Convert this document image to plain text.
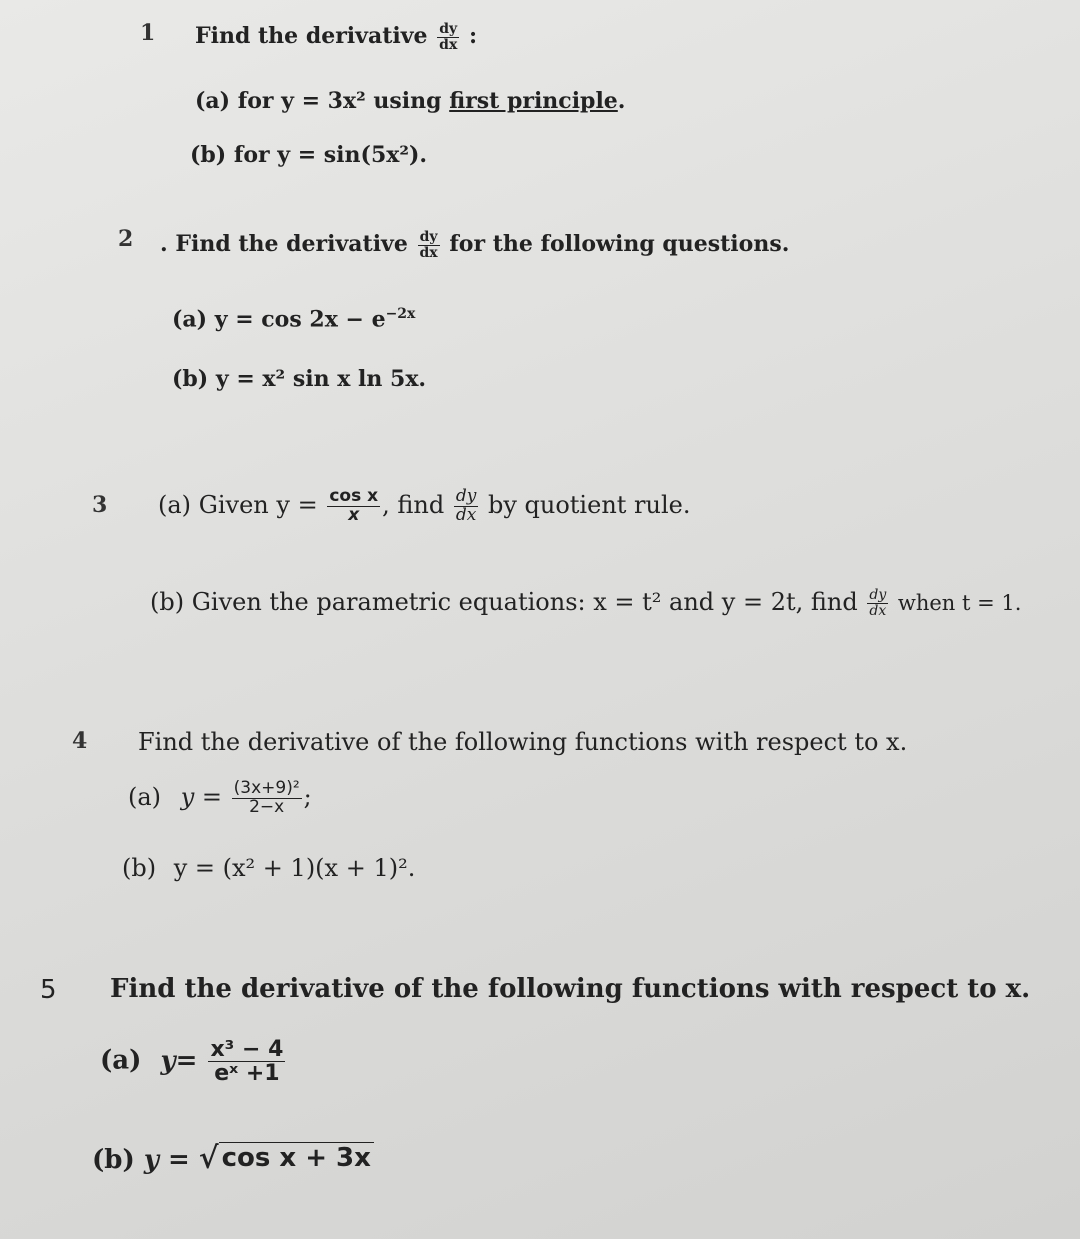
1 Find the derivative $\frac{dy}{dx}$ :
(a) for y = 3x² using first principle.
(b) for y = sin(5x²).
2 . Find the derivative $\frac{dy}{dx}$ for the following questions.
(a) $y = \cos 2x - e^{-2x}$
(b) y = x² sin x ln 5x.
3 (a) Given $y = \frac{\text{cos x}}{x}$ , find $\frac{dy}{dx}$ by quotient rule.
(b) Given the parametric equations: x = t² and y = 2t, find $\frac{dy}{dx}$ when t = 1.
4 Find the derivative of the following functions with respect to x.
(a) $y = \frac{\text{(3x+9)²}}{2-x}$ ;
(b) y = (x² + 1)(x + 1)².
5 Find the derivative of the following functions with respect to x.
(a) $y= \frac{\text{x³ − 4}}{\text{eˣ +1}}$
(b) y = √ cos x + 3x
